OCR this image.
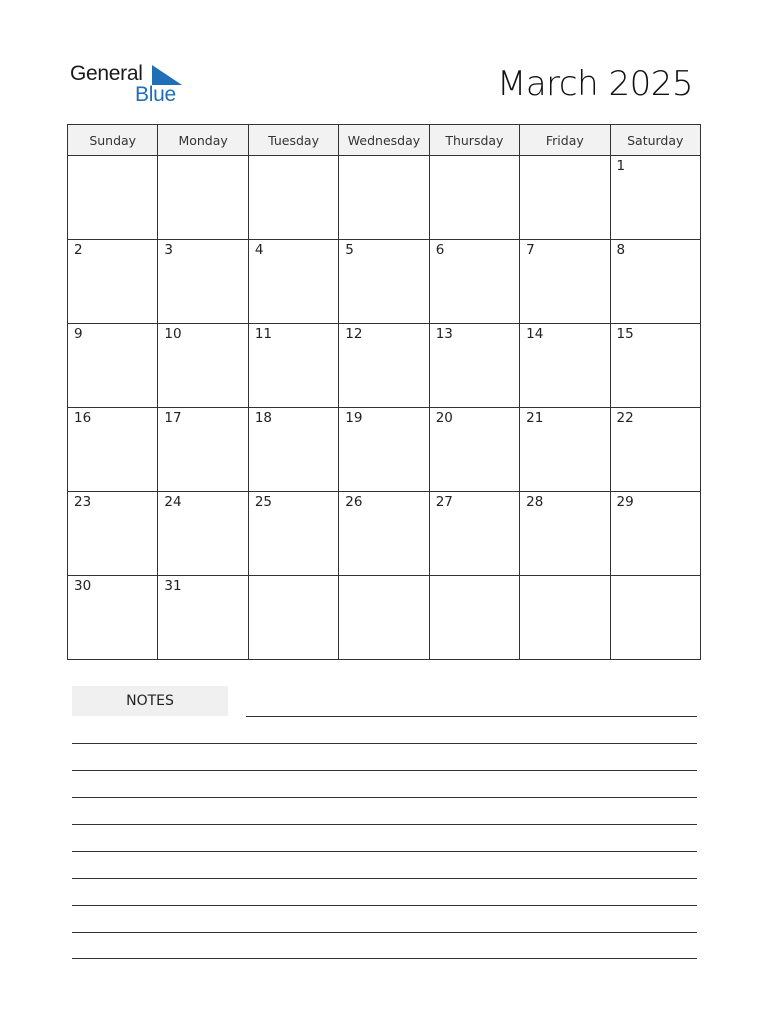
General
Blue	March 2025
Sunday	Monday	Tuesday	Wednesday	Thursday	Friday	Saturday

						1

2	3	4	5	6	7	8

9	10	11	12	13	14	15

16	17	18	19	20	21	22

23	24	25	26	27	28	29

30	31					

NOTES
